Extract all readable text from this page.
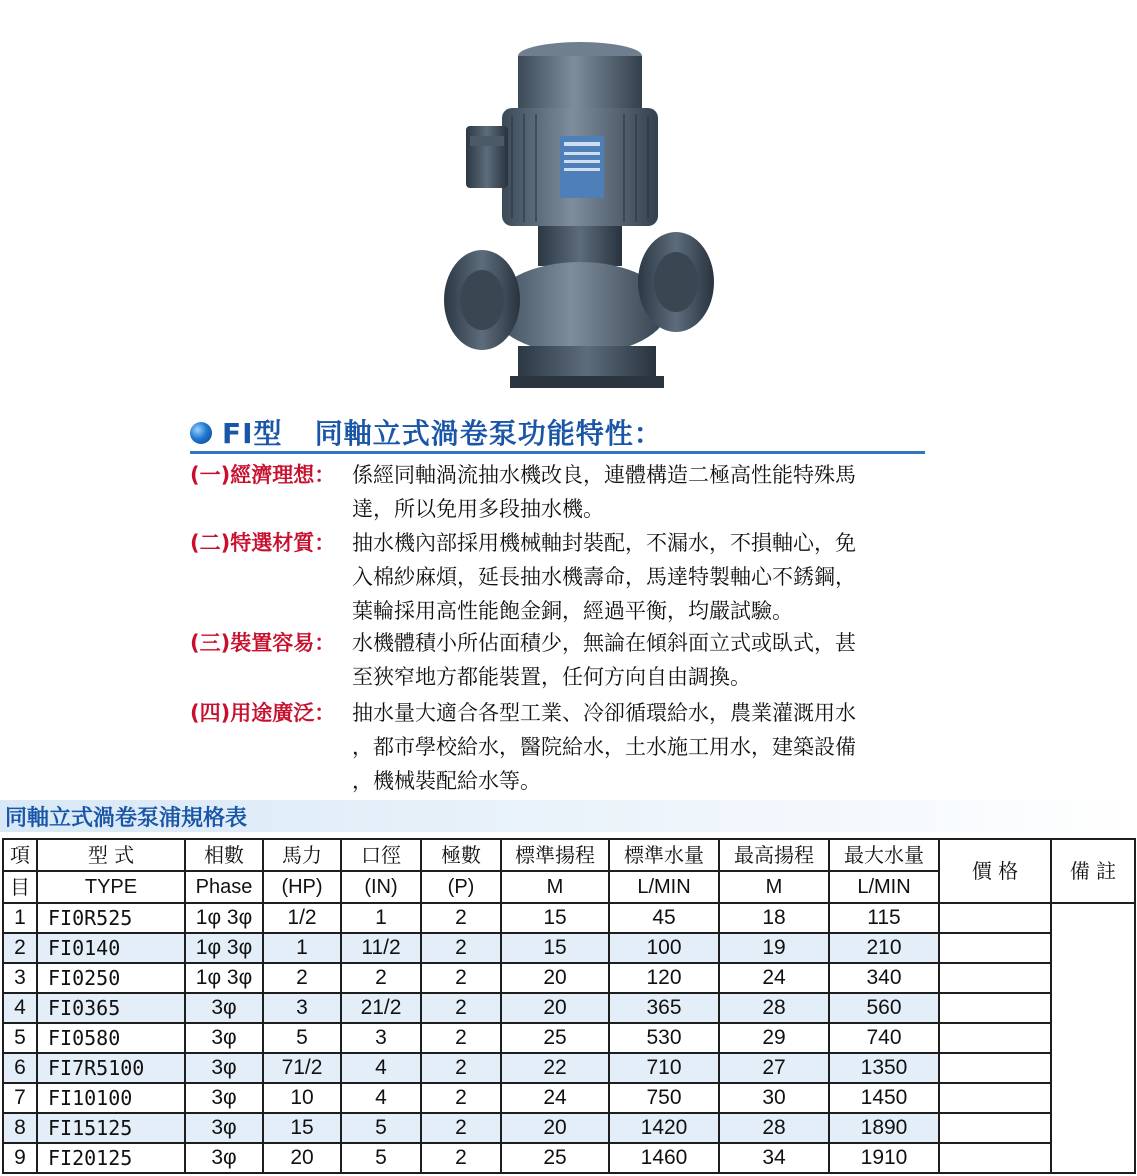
FI型   同軸立式渦卷泵功能特性：
(一)經濟理想： 係經同軸渦流抽水機改良，連體構造二極高性能特殊馬
達，所以免用多段抽水機。
(二)特選材質： 抽水機內部採用機械軸封裝配，不漏水，不損軸心，免
入棉紗麻煩，延長抽水機壽命，馬達特製軸心不銹鋼，
葉輪採用高性能飽金銅，經過平衡，均嚴試驗。
(三)裝置容易： 水機體積小所佔面積少，無論在傾斜面立式或臥式，甚
至狹窄地方都能裝置，任何方向自由調換。
(四)用途廣泛： 抽水量大適合各型工業、冷卻循環給水，農業灌溉用水
，都市學校給水，醫院給水，土水施工用水，建築設備
，機械裝配給水等。
同軸立式渦卷泵浦規格表
項	型 式	相數	馬力	口徑	極數	標準揚程	標準水量	最高揚程	最大水量	價 格	備 註
目	TYPE	Phase	(HP)	(IN)	(P)	M	L/MIN	M	L/MIN		
1	FI0R525	1φ 3φ	1/2	1	2	15	45	18	115		
2	FI0140	1φ 3φ	1	11/2	2	15	100	19	210		
3	FI0250	1φ 3φ	2	2	2	20	120	24	340		
4	FI0365	3φ	3	21/2	2	20	365	28	560		
5	FI0580	3φ	5	3	2	25	530	29	740		
6	FI7R5100	3φ	71/2	4	2	22	710	27	1350		
7	FI10100	3φ	10	4	2	24	750	30	1450		
8	FI15125	3φ	15	5	2	20	1420	28	1890		
9	FI20125	3φ	20	5	2	25	1460	34	1910		
